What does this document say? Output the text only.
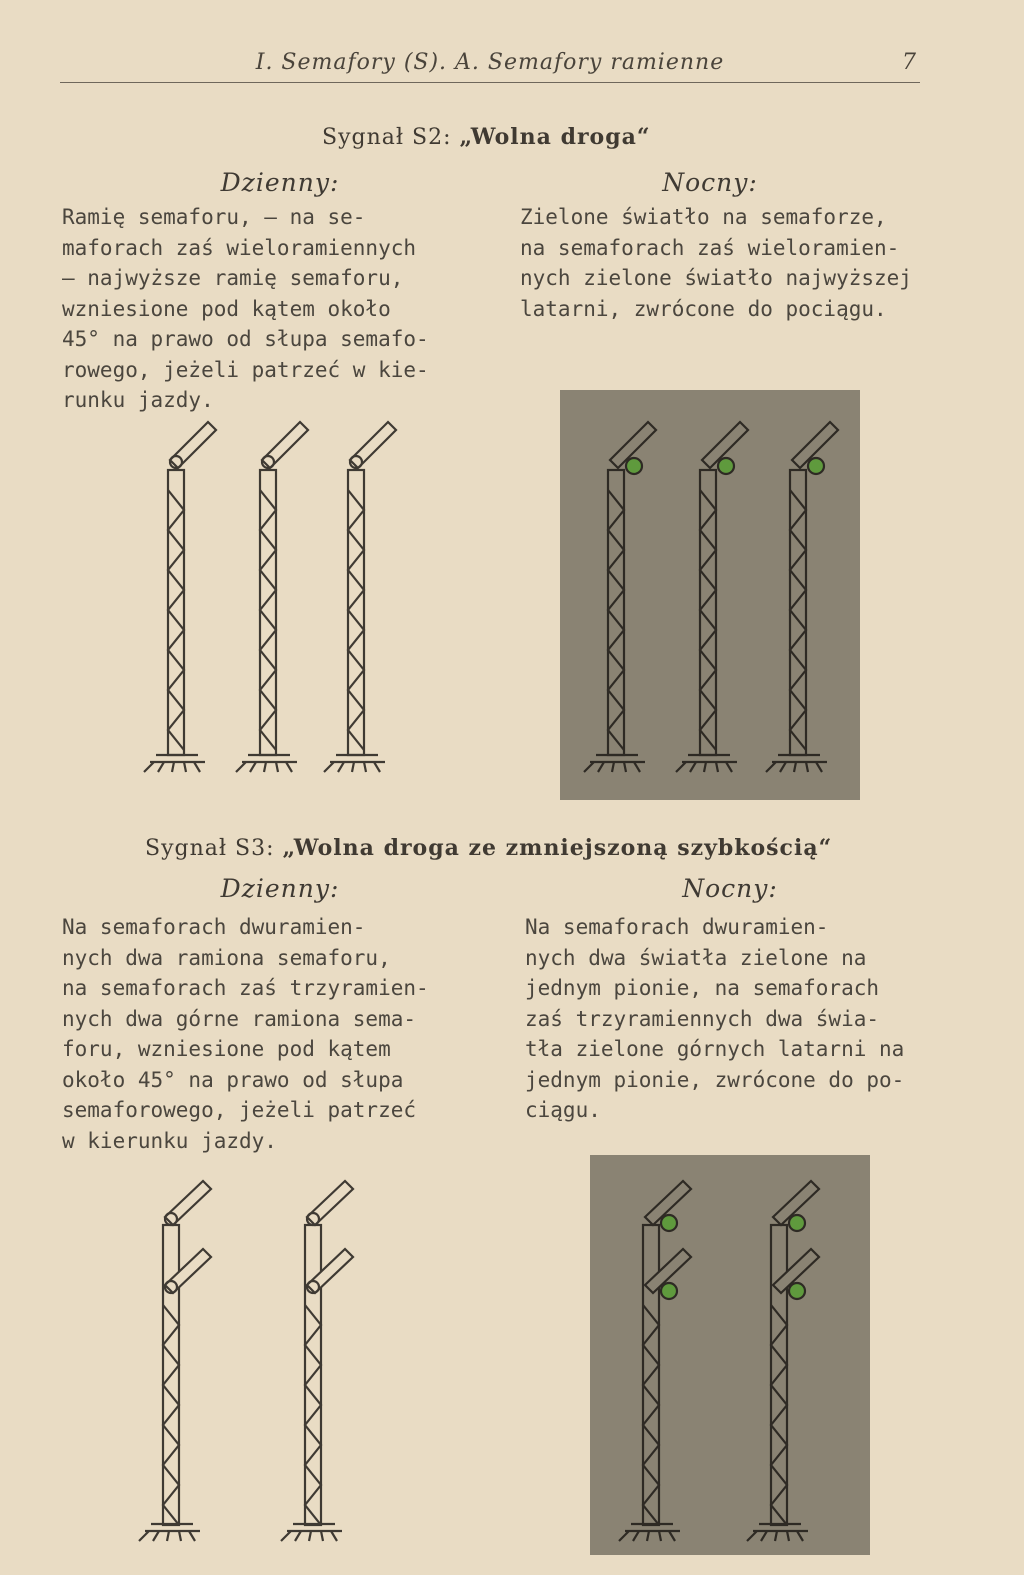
I. Semafory (S). A. Semafory ramienne	7
Sygnał S2: „Wolna droga“
Dzienny:	Nocny:
Ramię semaforu, — na se-
maforach zaś wieloramiennych
— najwyższe ramię semaforu,
wzniesione pod kątem około
45° na prawo od słupa semafo-
rowego, jeżeli patrzeć w kie-
runku jazdy.
Zielone światło na semaforze,
na semaforach zaś wieloramien-
nych zielone światło najwyższej
latarni, zwrócone do pociągu.
Sygnał S3: „Wolna droga ze zmniejszoną szybkością“
Dzienny:	Nocny:
Na semaforach dwuramien-
nych dwa ramiona semaforu,
na semaforach zaś trzyramien-
nych dwa górne ramiona sema-
foru, wzniesione pod kątem
około 45° na prawo od słupa
semaforowego, jeżeli patrzeć
w kierunku jazdy.
Na semaforach dwuramien-
nych dwa światła zielone na
jednym pionie, na semaforach
zaś trzyramiennych dwa świa-
tła zielone górnych latarni na
jednym pionie, zwrócone do po-
ciągu.
